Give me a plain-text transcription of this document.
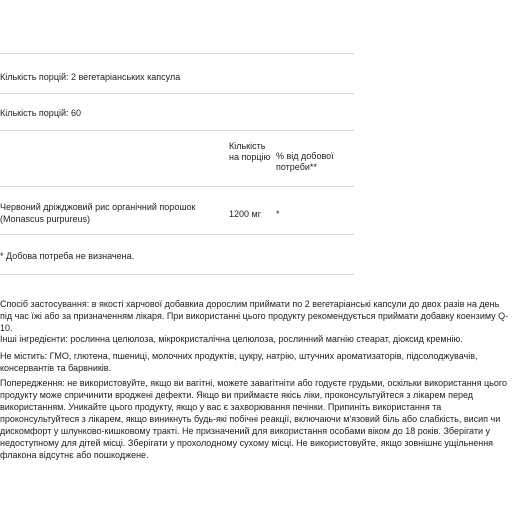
Кількість порцій: 2 вегетаріанських капсула
Кількість порцій: 60
Кількість на порцію % від добової потреби**
Червоний дріжджовий рис органічний порошок
(Monascus purpureus)	1200 мг *
* Добова потреба не визначена.
Спосіб застосування: в якості харчової добавкиа дорослим приймати по 2 вегетаріанські капсули до двох разів на день під час їжі або за призначенням лікаря. При використанні цього продукту рекомендується приймати добавку коензиму Q-10.
Інші інгредієнти: рослинна целюлоза, мікрокристалічна целюлоза, рослинний магнію стеарат, діоксид кремнію.
Не містить: ГМО, глютена, пшениці, молочних продуктів, цукру, натрію, штучних ароматизаторів, підсолоджувачів, консервантів та барвників.
Попередження: не використовуйте, якщо ви вагітні, можете завагітніти або годуєте грудьми, оскільки використання цього продукту може спричинити вроджені дефекти. Якщо ви приймаєте якісь ліки, проконсультуйтеся з лікарем перед використанням. Уникайте цього продукту, якщо у вас є захворювання печінки. Припиніть використання та проконсультуйтеся з лікарем, якщо виникнуть будь-які побічні реакції, включаючи м'язовий біль або слабкість, висип чи дискомфорт у шлунково-кишковому тракті. Не призначений для використання особами віком до 18 років. Зберігати у недоступному для дітей місці. Зберігати у прохолодному сухому місці. Не використовуйте, якщо зовнішнє ущільнення флакона відсутнє або пошкоджене.
